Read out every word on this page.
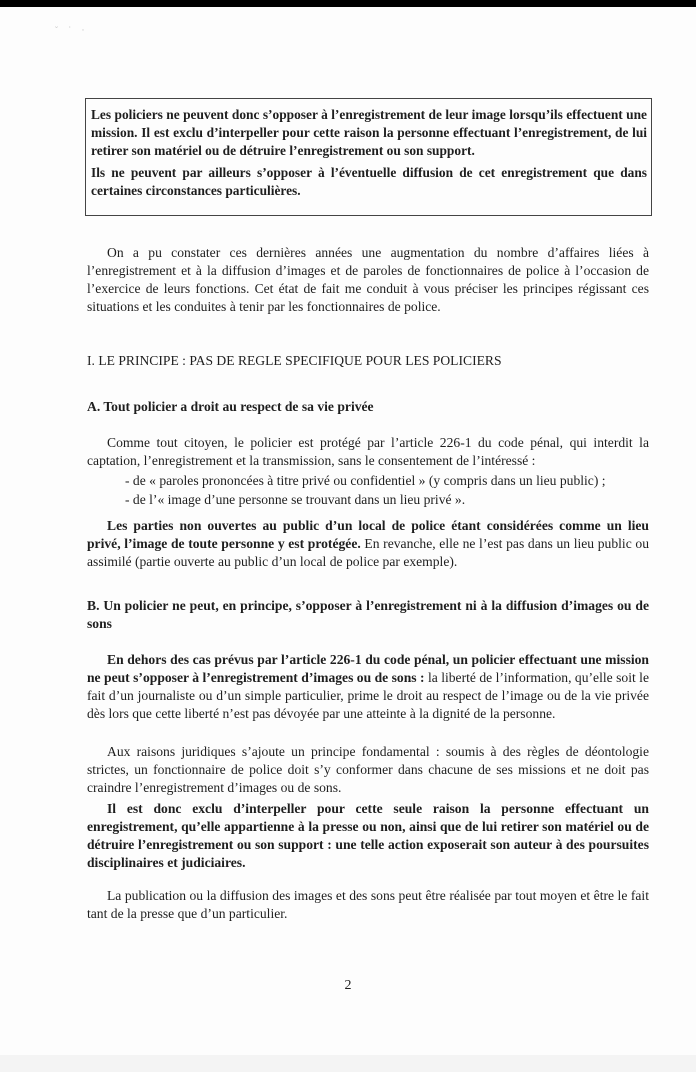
˘ ˙ ·

Les policiers ne peuvent donc s’opposer à l’enregistrement de leur image lorsqu’ils effectuent une mission. Il est exclu d’interpeller pour cette raison la personne effectuant l’enregistrement, de lui retirer son matériel ou de détruire l’enregistrement ou son support.

Ils ne peuvent par ailleurs s’opposer à l’éventuelle diffusion de cet enregistrement que dans certaines circonstances particulières.

On a pu constater ces dernières années une augmentation du nombre d’affaires liées à l’enregistrement et à la diffusion d’images et de paroles de fonctionnaires de police à l’occasion de l’exercice de leurs fonctions. Cet état de fait me conduit à vous préciser les principes régissant ces situations et les conduites à tenir par les fonctionnaires de police.
I. LE PRINCIPE : PAS DE REGLE SPECIFIQUE POUR LES POLICIERS
A. Tout policier a droit au respect de sa vie privée
Comme tout citoyen, le policier est protégé par l’article 226-1 du code pénal, qui interdit la captation, l’enregistrement et la transmission, sans le consentement de l’intéressé :
- de « paroles prononcées à titre privé ou confidentiel » (y compris dans un lieu public) ;
- de l’« image d’une personne se trouvant dans un lieu privé ».
Les parties non ouvertes au public d’un local de police étant considérées comme un lieu privé, l’image de toute personne y est protégée. En revanche, elle ne l’est pas dans un lieu public ou assimilé (partie ouverte au public d’un local de police par exemple).
B. Un policier ne peut, en principe, s’opposer à l’enregistrement ni à la diffusion d’images ou de sons
En dehors des cas prévus par l’article 226-1 du code pénal, un policier effectuant une mission ne peut s’opposer à l’enregistrement d’images ou de sons : la liberté de l’information, qu’elle soit le fait d’un journaliste ou d’un simple particulier, prime le droit au respect de l’image ou de la vie privée dès lors que cette liberté n’est pas dévoyée par une atteinte à la dignité de la personne.
Aux raisons juridiques s’ajoute un principe fondamental : soumis à des règles de déontologie strictes, un fonctionnaire de police doit s’y conformer dans chacune de ses missions et ne doit pas craindre l’enregistrement d’images ou de sons.
Il est donc exclu d’interpeller pour cette seule raison la personne effectuant un enregistrement, qu’elle appartienne à la presse ou non, ainsi que de lui retirer son matériel ou de détruire l’enregistrement ou son support : une telle action exposerait son auteur à des poursuites disciplinaires et judiciaires.
La publication ou la diffusion des images et des sons peut être réalisée par tout moyen et être le fait tant de la presse que d’un particulier.
2
